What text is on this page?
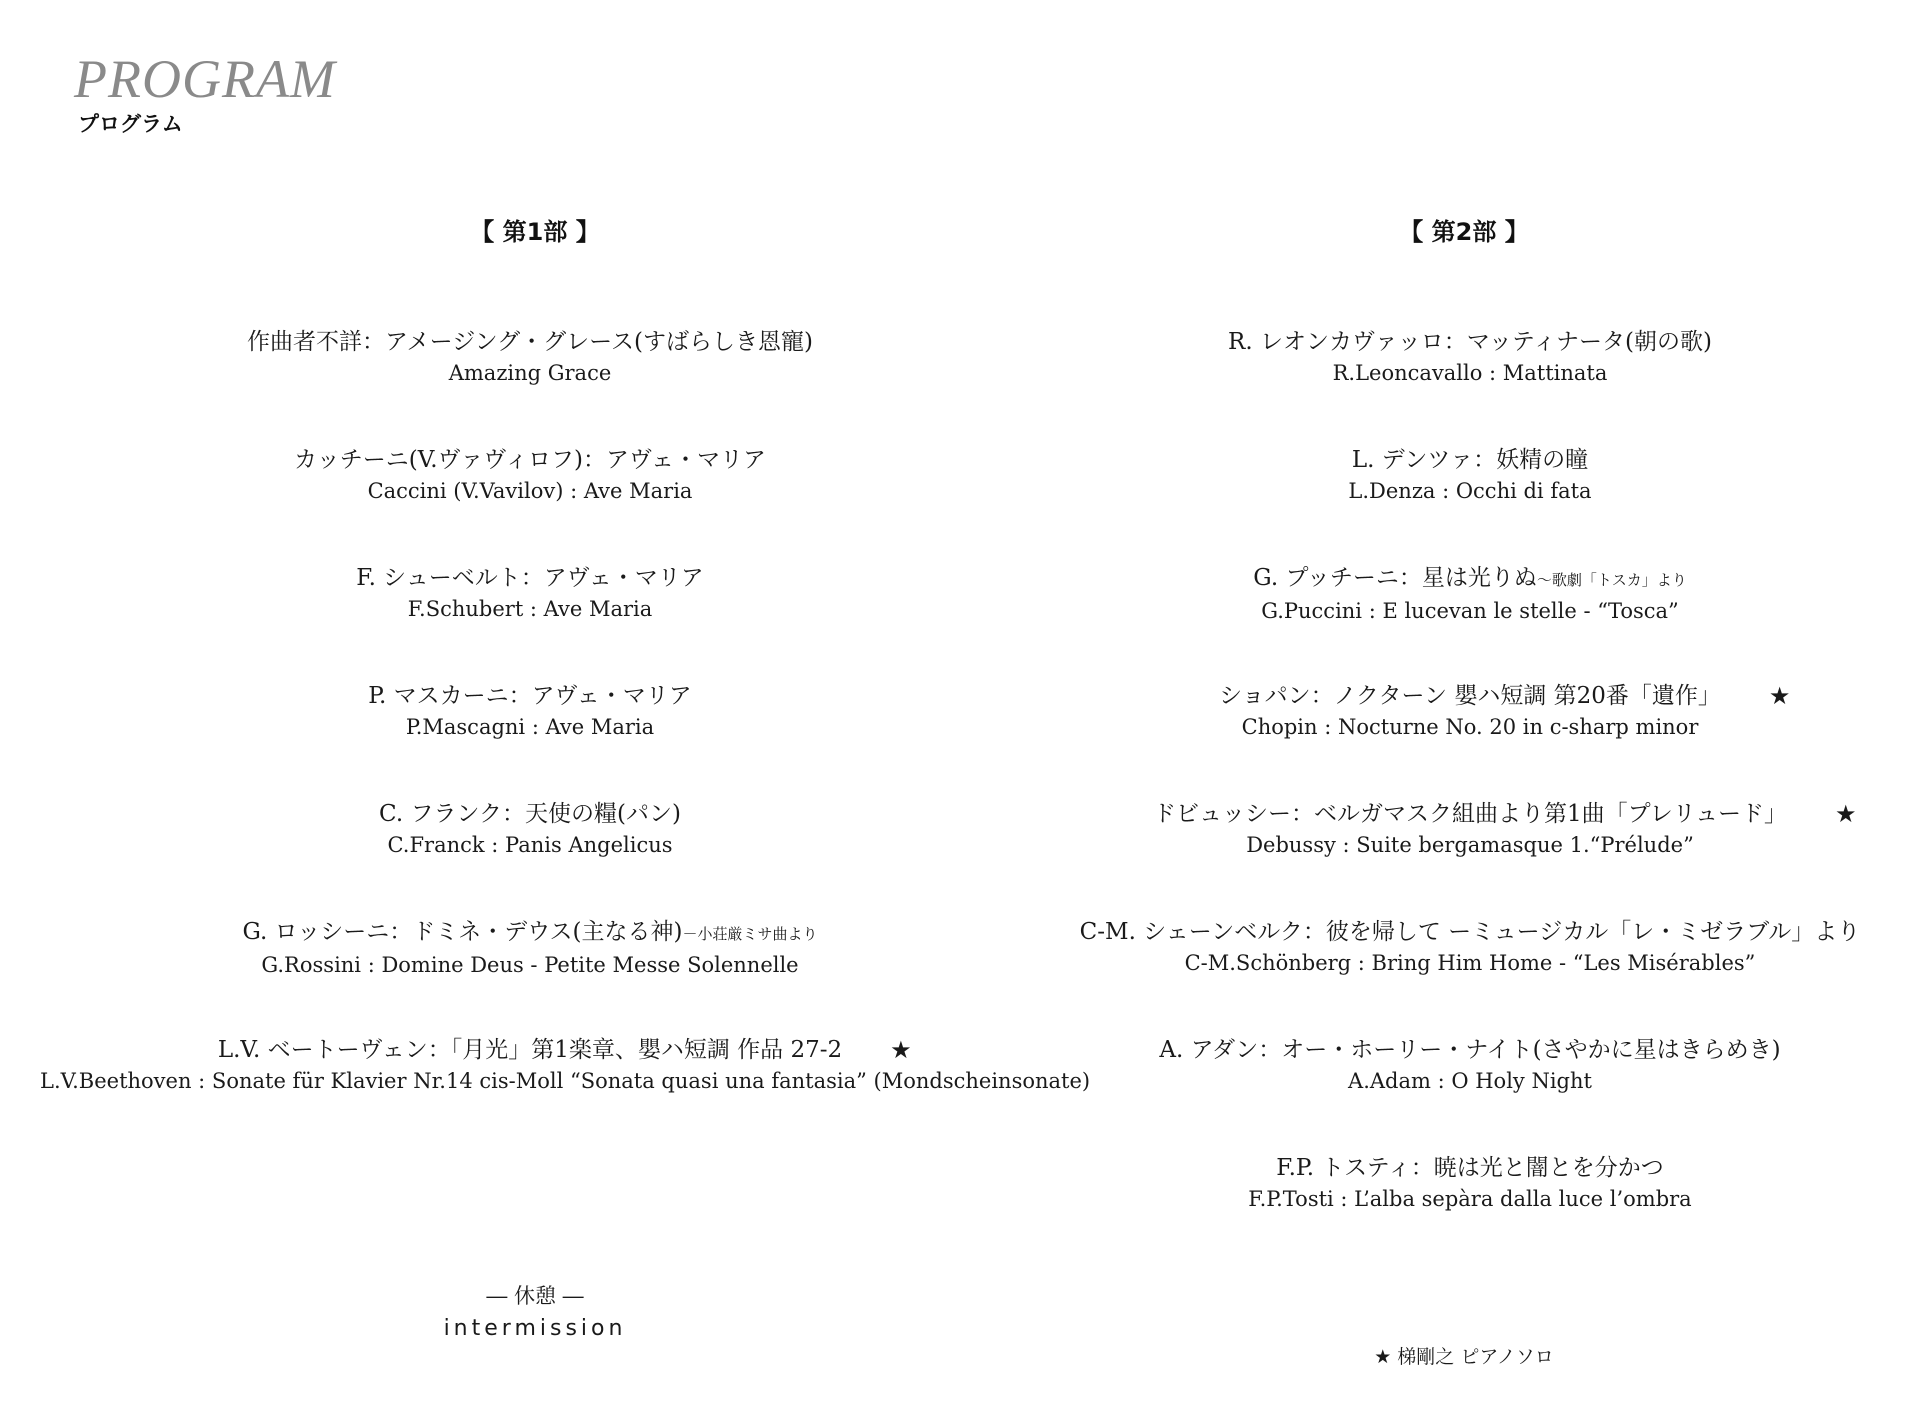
PROGRAM
プログラム
【 第1部 】	【 第2部 】
作曲者不詳：アメージング・グレース(すばらしき恩寵)
Amazing Grace
カッチーニ(V.ヴァヴィロフ)：アヴェ・マリア
Caccini (V.Vavilov) : Ave Maria
F. シューベルト：アヴェ・マリア
F.Schubert : Ave Maria
P. マスカーニ：アヴェ・マリア
P.Mascagni : Ave Maria
C. フランク：天使の糧(パン)
C.Franck : Panis Angelicus
G. ロッシーニ：ドミネ・デウス(主なる神)－小荘厳ミサ曲より
G.Rossini : Domine Deus - Petite Messe Solennelle
L.V. ベートーヴェン：「月光」第1楽章、嬰ハ短調 作品 27-2 ★
L.V.Beethoven : Sonate für Klavier Nr.14 cis-Moll “Sonata quasi una fantasia” (Mondscheinsonate)
R. レオンカヴァッロ：マッティナータ(朝の歌)
R.Leoncavallo : Mattinata
L. デンツァ：妖精の瞳
L.Denza : Occhi di fata
G. プッチーニ：星は光りぬ～歌劇「トスカ」より
G.Puccini : E lucevan le stelle - “Tosca”
ショパン：ノクターン 嬰ハ短調 第20番「遺作」 ★
Chopin : Nocturne No. 20 in c-sharp minor
ドビュッシー：ベルガマスク組曲より第1曲「プレリュード」 ★
Debussy : Suite bergamasque 1.“Prélude”
C-M. シェーンベルク：彼を帰して ーミュージカル「レ・ミゼラブル」より
C-M.Schönberg : Bring Him Home - “Les Misérables”
A. アダン：オー・ホーリー・ナイト(さやかに星はきらめき)
A.Adam : O Holy Night
F.P. トスティ：暁は光と闇とを分かつ
F.P.Tosti : L’alba sepàra dalla luce l’ombra
― 休憩 ―
intermission
★ 梯剛之 ピアノソロ
